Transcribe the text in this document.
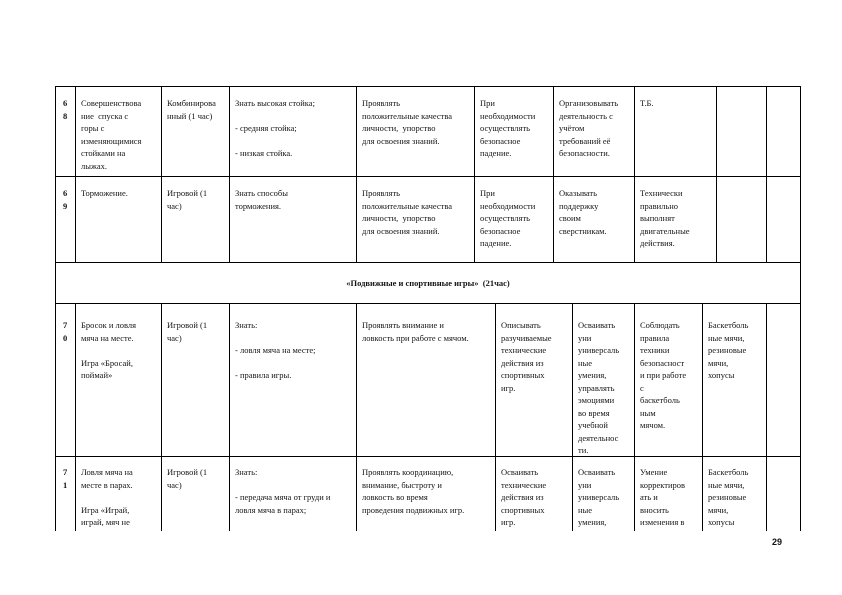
6
8
Совершенствова
ние  спуска с
горы с
изменяющимися
стойками на
лыжах.
Комбинирова
нный (1 час)
Знать высокая стойка;

- средняя стойка;

- низкая стойка.
Проявлять
положительные качества
личности,  упорство
для освоения знаний.
При
необходимости
осуществлять
безопасное
падение.
Организовывать
деятельность с
учётом
требований её
безопасности.
Т.Б.
6
9
Торможение.	Игровой (1
час)
Знать способы
торможения.
Проявлять
положительные качества
личности,  упорство
для освоения знаний.
При
необходимости
осуществлять
безопасное
падение.
Оказывать
поддержку
своим
сверстникам.
Технически
правильно
выполнят
двигательные
действия.
«Подвижные и спортивные игры»  (21час)
7
0
Бросок и ловля
мяча на месте.

Игра «Бросай,
поймай»
Игровой (1
час)
Знать:

- ловля мяча на месте;

- правила игры.
Проявлять внимание и
ловкость при работе с мячом.
Описывать
разучиваемые
технические
действия из
спортивных
игр.
Осваивать
уни
универсаль
ные
умения,
управлять
эмоциями
во время
учебной
деятельнос
ти.
Соблюдать
правила
техники
безопасност
и при работе
с
баскетболь
ным
мячом.
Баскетболь
ные мячи,
резиновые
мячи,
хопусы
7
1
Ловля мяча на
месте в парах.

Игра «Играй,
играй, мяч не
Игровой (1
час)
Знать:

- передача мяча от груди и
ловля мяча в парах;
Проявлять координацию,
внимание, быстроту и
ловкость во время
проведения подвижных игр.
Осваивать
технические
действия из
спортивных
игр.
Осваивать
уни
универсаль
ные
умения,
Умение
корректиров
ать и
вносить
изменения в
Баскетболь
ные мячи,
резиновые
мячи,
хопусы
29
